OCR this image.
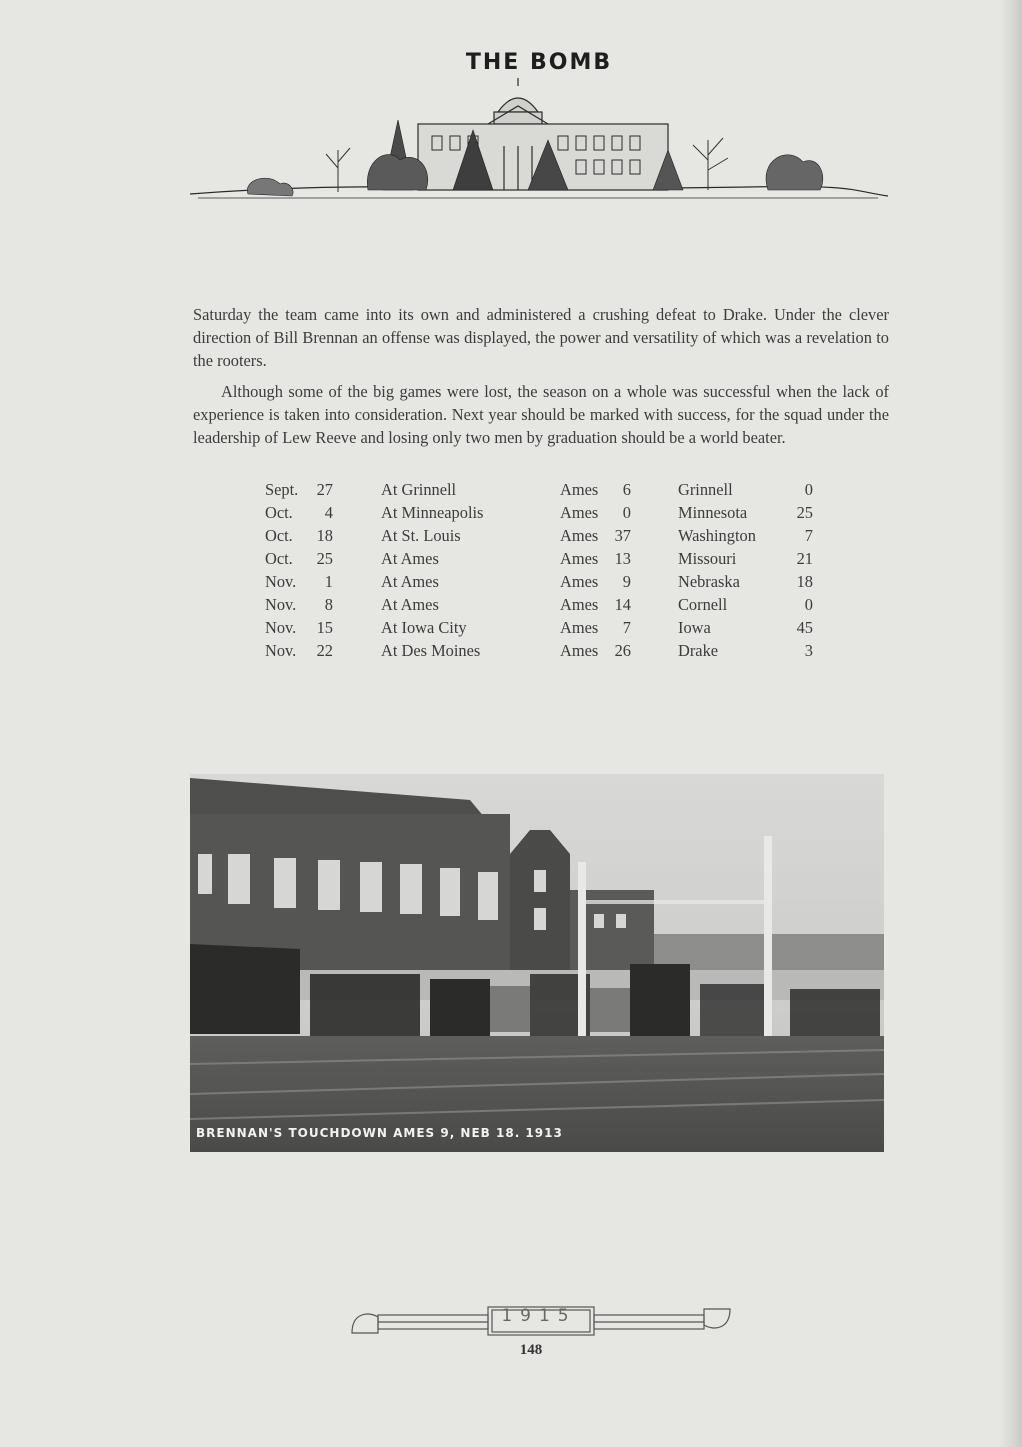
THE BOMB
Saturday the team came into its own and administered a crushing defeat to Drake. Under the clever direction of Bill Brennan an offense was displayed, the power and versatility of which was a revelation to the rooters.
Although some of the big games were lost, the season on a whole was successful when the lack of experience is taken into consideration. Next year should be marked with success, for the squad under the leadership of Lew Reeve and losing only two men by graduation should be a world beater.
Sept.	27	At Grinnell	Ames	6	Grinnell	0
Oct.	4	At Minneapolis	Ames	0	Minnesota	25
Oct.	18	At St. Louis	Ames 37	Washington	7
Oct.	25	At Ames	Ames 13	Missouri	21
Nov.	1	At Ames	Ames	9	Nebraska	18
Nov.	8	At Ames	Ames 14	Cornell	0
Nov.	15	At Iowa City	Ames	7	Iowa	45
Nov.	22	At Des Moines	Ames 26	Drake	3
BRENNAN'S TOUCHDOWN AMES 9, NEB 18. 1913
1915
148
